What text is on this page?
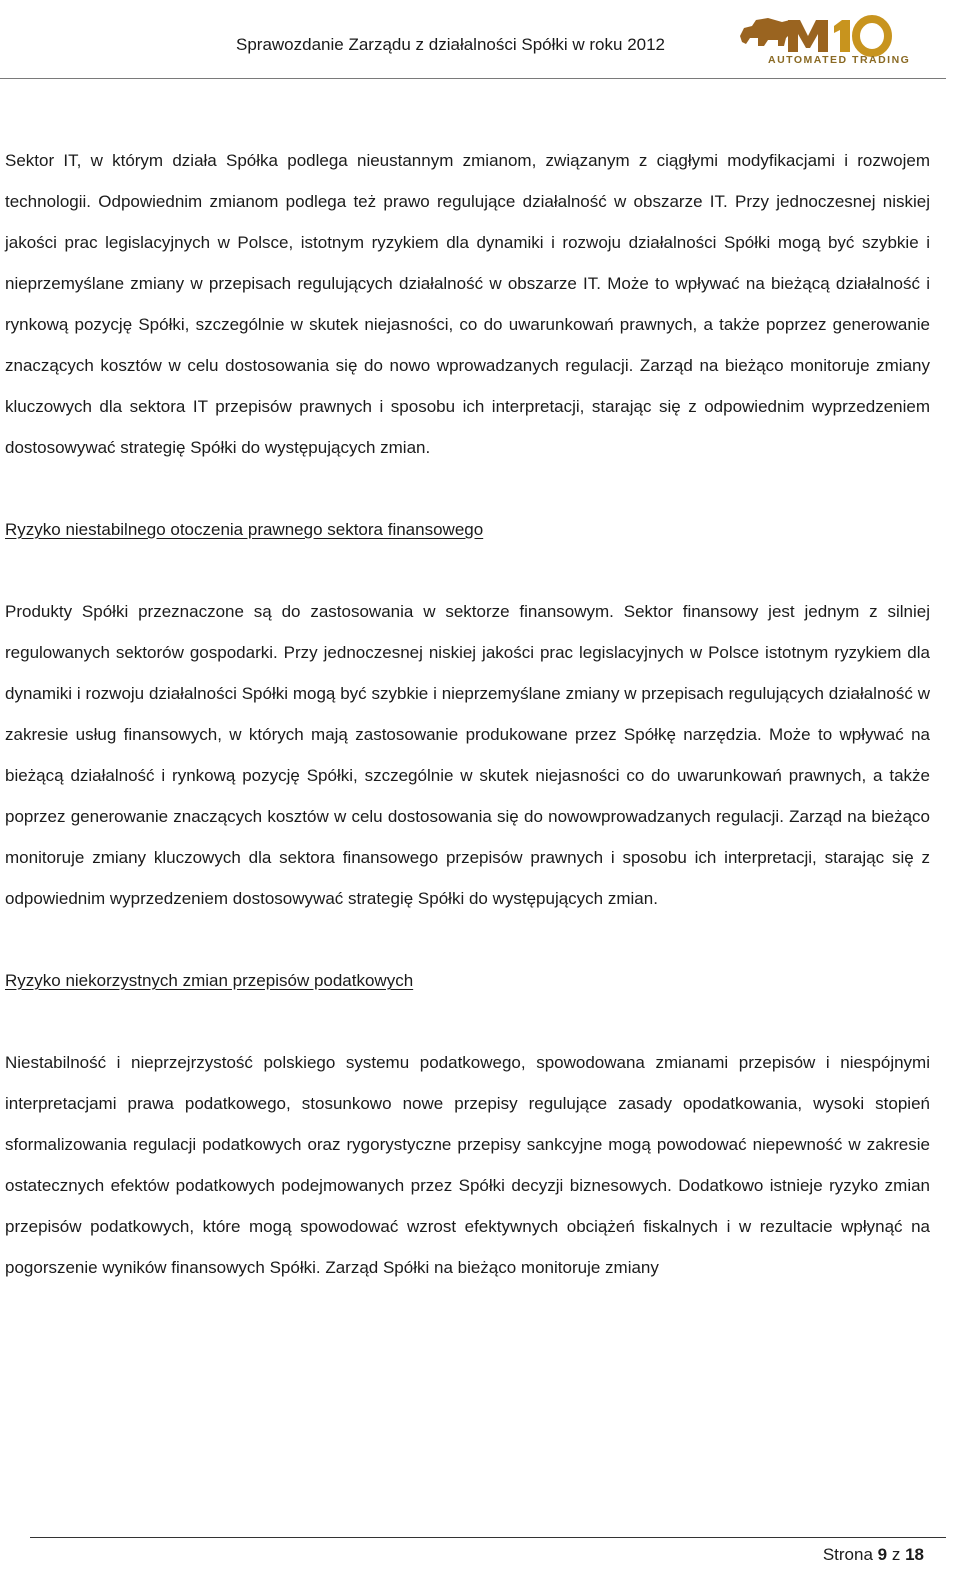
Sprawozdanie Zarządu z działalności Spółki w roku 2012
AUTOMATED TRADING

Sektor IT, w którym działa Spółka podlega nieustannym zmianom, związanym z ciągłymi modyfikacjami i rozwojem technologii. Odpowiednim zmianom podlega też prawo regulujące działalność w obszarze IT. Przy jednoczesnej niskiej jakości prac legislacyjnych w Polsce, istotnym ryzykiem dla dynamiki i rozwoju działalności Spółki mogą być szybkie i nieprzemyślane zmiany w przepisach regulujących działalność w obszarze IT. Może to wpływać na bieżącą działalność i rynkową pozycję Spółki, szczególnie w skutek niejasności, co do uwarunkowań prawnych, a także poprzez generowanie znaczących kosztów w celu dostosowania się do nowo wprowadzanych regulacji. Zarząd na bieżąco monitoruje zmiany kluczowych dla sektora IT przepisów prawnych i sposobu ich interpretacji, starając się z odpowiednim wyprzedzeniem dostosowywać strategię Spółki do występujących zmian.

Ryzyko niestabilnego otoczenia prawnego sektora finansowego

Produkty Spółki przeznaczone są do zastosowania w sektorze finansowym. Sektor finansowy jest jednym z silniej regulowanych sektorów gospodarki. Przy jednoczesnej niskiej jakości prac legislacyjnych w Polsce istotnym ryzykiem dla dynamiki i rozwoju działalności Spółki mogą być szybkie i nieprzemyślane zmiany w przepisach regulujących działalność w zakresie usług finansowych, w których mają zastosowanie produkowane przez Spółkę narzędzia. Może to wpływać na bieżącą działalność i rynkową pozycję Spółki, szczególnie w skutek niejasności co do uwarunkowań prawnych, a także poprzez generowanie znaczących kosztów w celu dostosowania się do nowowprowadzanych regulacji. Zarząd na bieżąco monitoruje zmiany kluczowych dla sektora finansowego przepisów prawnych i sposobu ich interpretacji, starając się z odpowiednim wyprzedzeniem dostosowywać strategię Spółki do występujących zmian.

Ryzyko niekorzystnych zmian przepisów podatkowych

Niestabilność i nieprzejrzystość polskiego systemu podatkowego, spowodowana zmianami przepisów i niespójnymi interpretacjami prawa podatkowego, stosunkowo nowe przepisy regulujące zasady opodatkowania, wysoki stopień sformalizowania regulacji podatkowych oraz rygorystyczne przepisy sankcyjne mogą powodować niepewność w zakresie ostatecznych efektów podatkowych podejmowanych przez Spółki decyzji biznesowych. Dodatkowo istnieje ryzyko zmian przepisów podatkowych, które mogą spowodować wzrost efektywnych obciążeń fiskalnych i w rezultacie wpłynąć na pogorszenie wyników finansowych Spółki. Zarząd Spółki na bieżąco monitoruje zmiany

Strona 9 z 18
